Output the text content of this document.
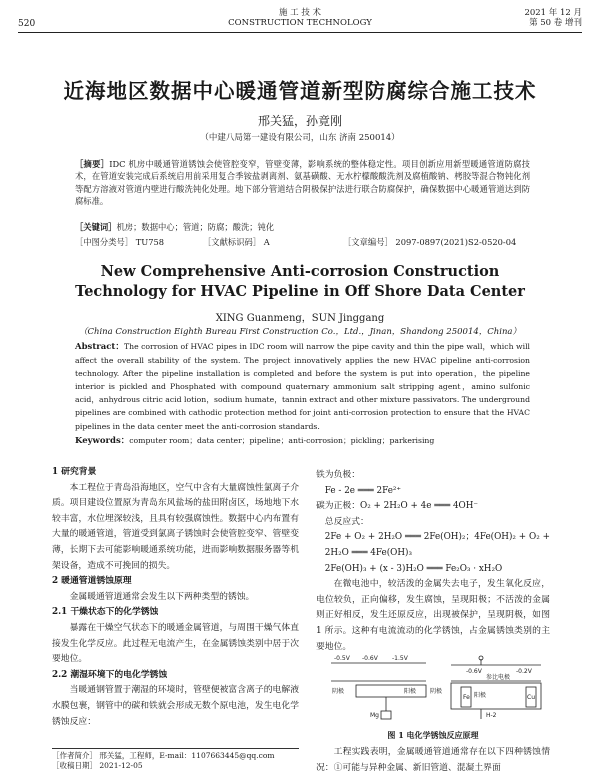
520
施 工 技 术
CONSTRUCTION TECHNOLOGY
2021 年 12 月
第 50 卷 增刊
近海地区数据中心暖通管道新型防腐综合施工技术
邢关猛，孙竟刚
（中建八局第一建设有限公司，山东 济南 250014）
［摘要］IDC 机房中暖通管道锈蚀会使管腔变窄，管壁变薄，影响系统的整体稳定性。项目创新应用新型暖通管道防腐技术，在管道安装完成后系统启用前采用复合季铵盐剥离剂、氨基磺酸、无水柠檬酸酸洗剂及腐植酸钠、栲胶等混合物钝化剂等配方溶液对管道内壁进行酸洗钝化处理。地下部分管道结合阴极保护法进行联合防腐保护，确保数据中心暖通管道达到防腐标准。
［关键词］机房；数据中心；管道；防腐；酸洗；钝化
［中图分类号］ TU758	［文献标识码］ A	［文章编号］ 2097-0897(2021)S2-0520-04
New Comprehensive Anti-corrosion Construction Technology for HVAC Pipeline in Off Shore Data Center
XING Guanmeng，SUN Jinggang
（China Construction Eighth Bureau First Construction Co.，Ltd.，Jinan，Shandong 250014，China）
Abstract：The corrosion of HVAC pipes in IDC room will narrow the pipe cavity and thin the pipe wall，which will affect the overall stability of the system. The project innovatively applies the new HVAC pipeline anti-corrosion technology. After the pipeline installation is completed and before the system is put into operation，the pipeline interior is pickled and Phosphated with compound quaternary ammonium salt stripping agent，amino sulfonic acid，anhydrous citric acid lotion，sodium humate，tannin extract and other mixture passivators. The underground pipelines are combined with cathodic protection method for joint anti-corrosion protection to ensure that the HVAC pipelines in the data center meet the anti-corrosion standards.
Keywords：computer room；data center；pipeline；anti-corrosion；pickling；parkerising

1 研究背景

本工程位于青岛沿海地区，空气中含有大量腐蚀性氯离子介质。项目建设位置原为青岛东风盐场的盐田附卤区，场地地下水较丰富，水位埋深较浅，且具有较强腐蚀性。数据中心内布置有大量的暖通管道，管道受到氯离子锈蚀时会使管腔变窄、管壁变薄，长期下去可能影响暖通系统功能，进而影响数据服务器等机架设备，造成不可挽回的损失。

2 暖通管道锈蚀原理

金属暖通管道通常会发生以下两种类型的锈蚀。

2.1 干燥状态下的化学锈蚀

暴露在干燥空气状态下的暖通金属管道，与周围干燥气体直接发生化学反应。此过程无电流产生，在金属锈蚀类别中居于次要地位。

2.2 潮湿环境下的电化学锈蚀

当暖通钢管置于潮湿的环境时，管壁便被富含离子的电解液水膜包裹，钢管中的碳和铁就会形成无数个原电池，发生电化学锈蚀反应：

铁为负极：

Fe - 2e ═══ 2Fe²⁺

碳为正极：O₂ + 2H₂O + 4e ═══ 4OH⁻

总反应式：

2Fe + O₂ + 2H₂O ═══ 2Fe(OH)₂；4Fe(OH)₂ + O₂ + 2H₂O ═══ 4Fe(OH)₃

2Fe(OH)₃ + (x - 3)H₂O ═══ Fe₂O₃ · xH₂O

在微电池中，较活泼的金属失去电子，发生氧化反应，电位较负，正向偏移，发生腐蚀，呈现阳极；不活泼的金属则正好相反，发生还原反应，出现被保护，呈现阴极，如图 1 所示。这种有电流流动的化学锈蚀，占金属锈蚀类别的主要地位。

-0.5V -0.6V -1.5V
-0.6V	-0.2V
阴极	阳极
Fe
阴极
Mg
参比电极
阳极	Cu
H-2
图 1 电化学锈蚀反应原理

工程实践表明，金属暖通管道通常存在以下四种锈蚀情况：①可能与异种金属、新旧管道、混凝土界面

［作者简介］ 邢关猛，工程师，E-mail：1107663445@qq.com
［收稿日期］ 2021-12-05
